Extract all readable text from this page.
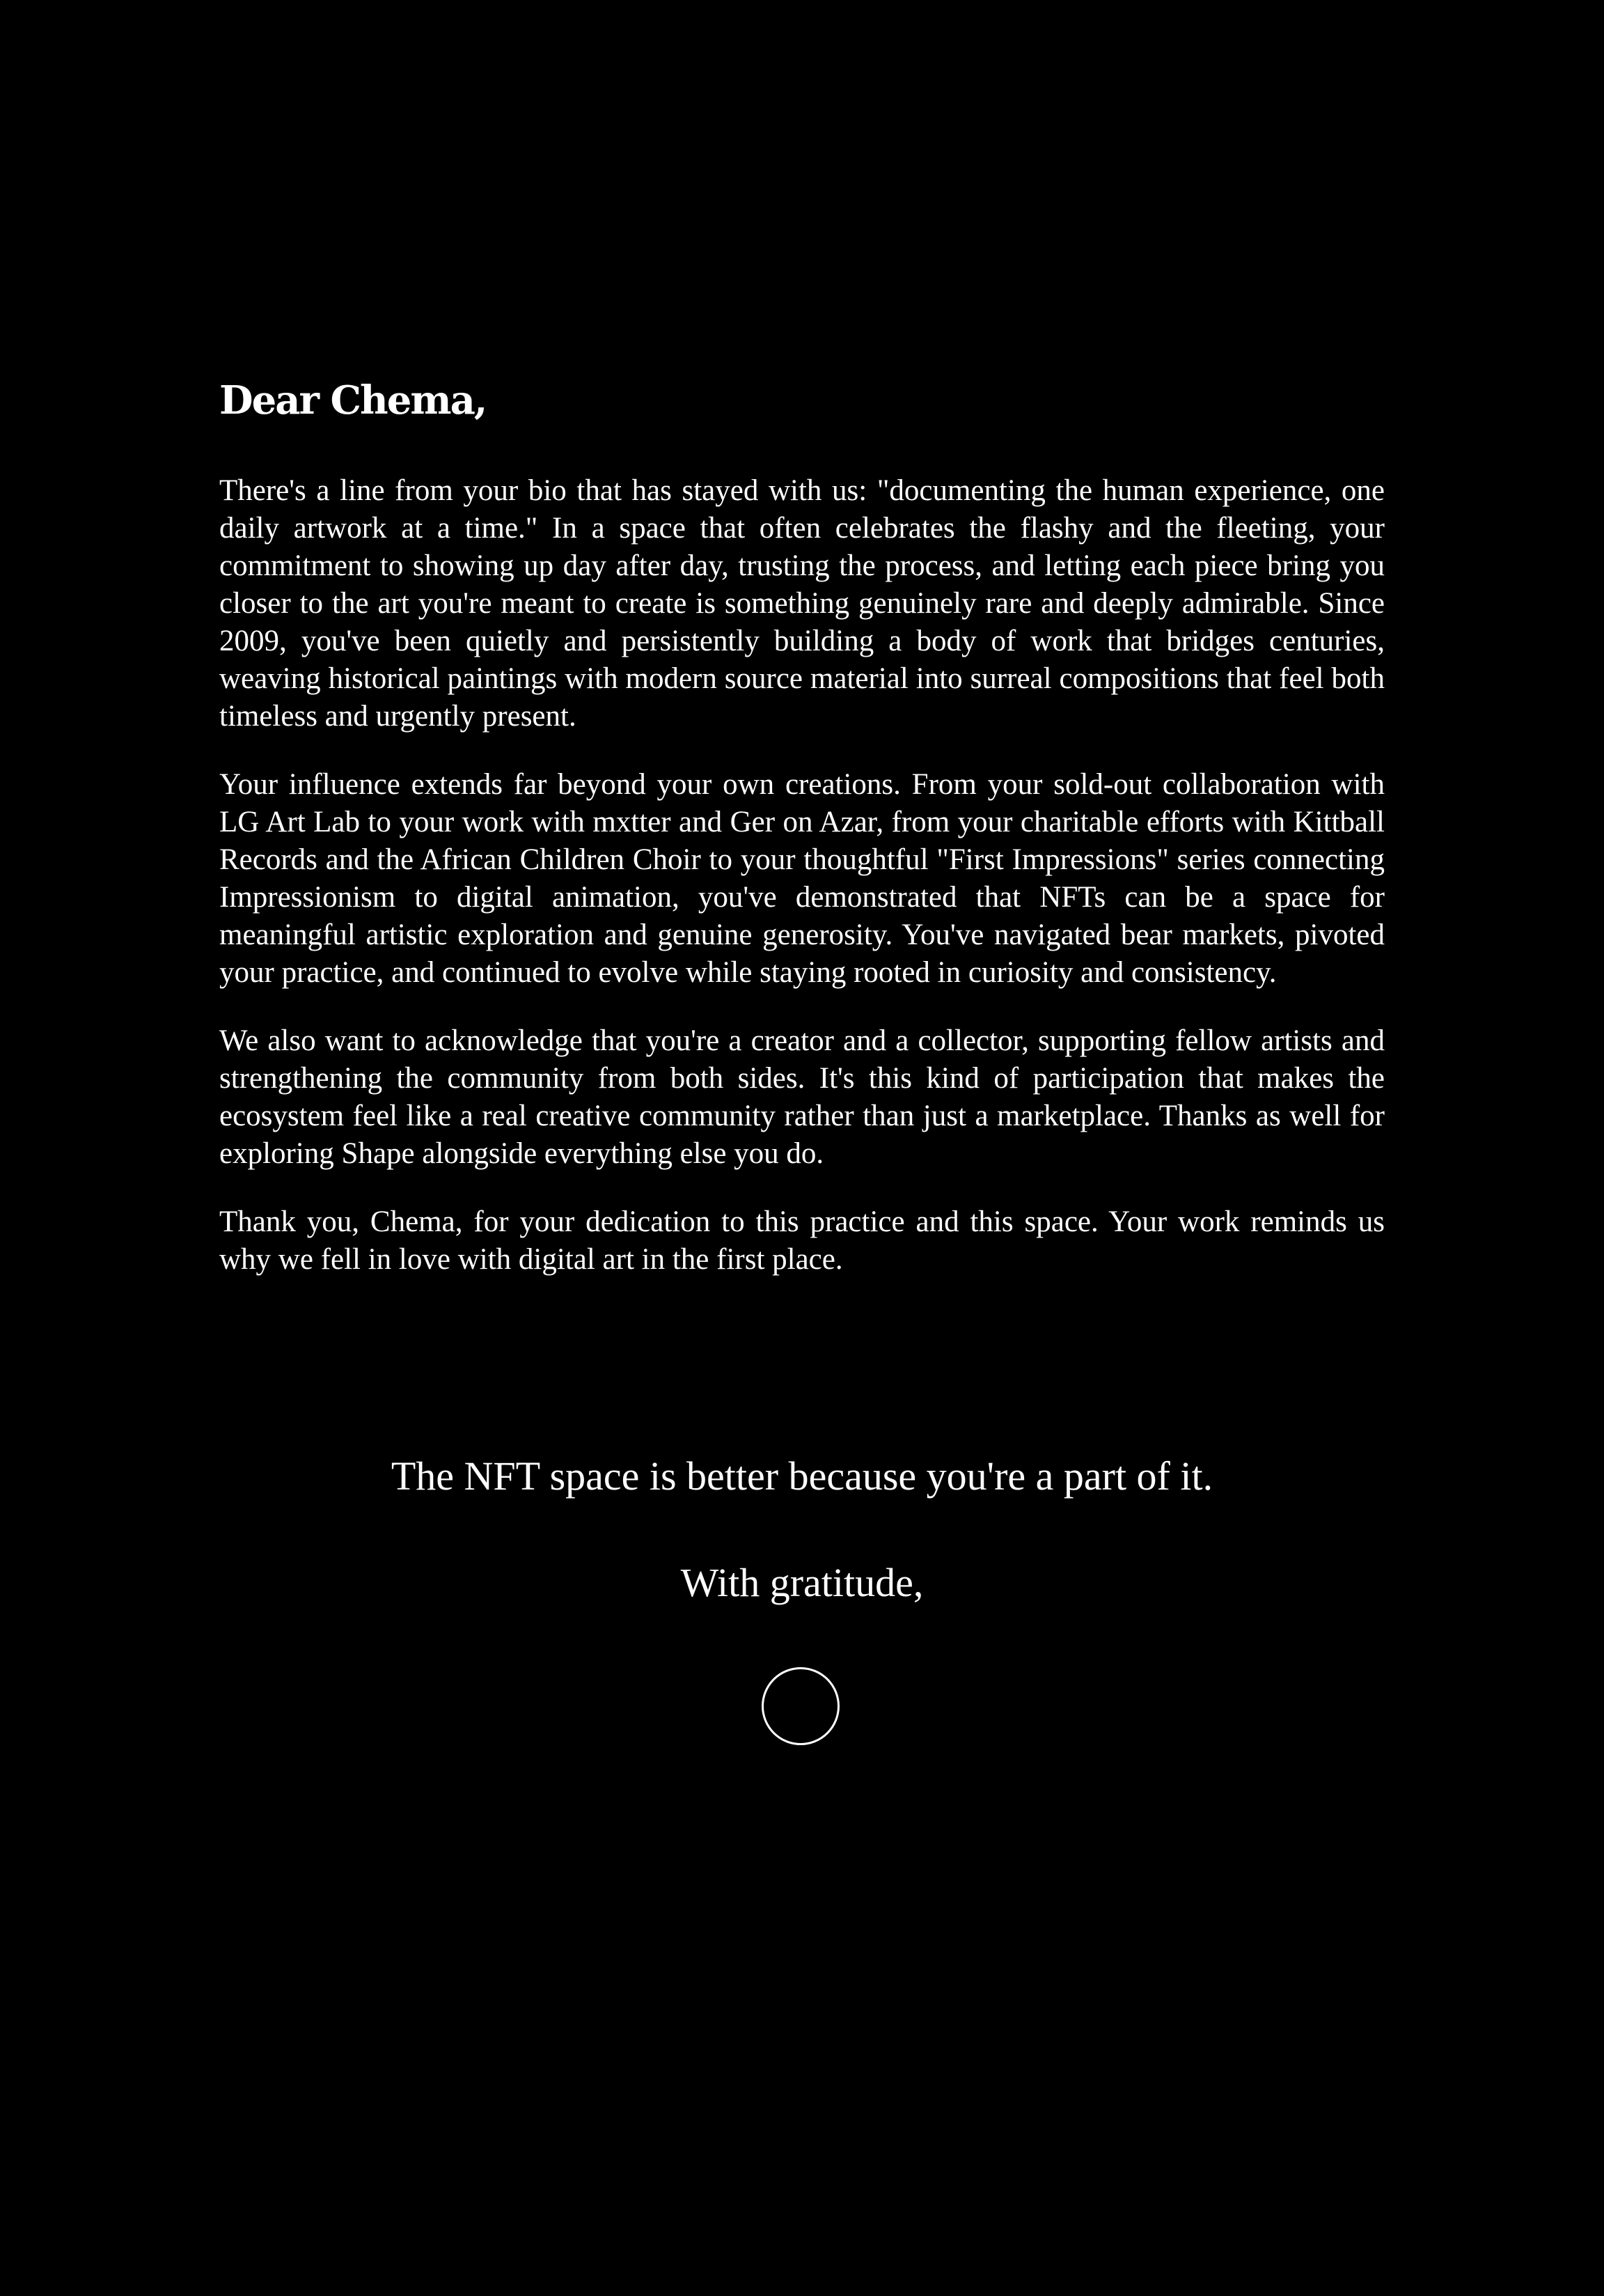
Dear Chema,

There's a line from your bio that has stayed with us: "documenting the human experience, one daily artwork at a time." In a space that often celebrates the flashy and the fleeting, your commitment to showing up day after day, trusting the process, and letting each piece bring you closer to the art you're meant to create is something genuinely rare and deeply admirable. Since 2009, you've been quietly and persistently building a body of work that bridges centuries, weaving historical paintings with modern source material into surreal compositions that feel both timeless and urgently present.

Your influence extends far beyond your own creations. From your sold-out collaboration with LG Art Lab to your work with mxtter and Ger on Azar, from your charitable efforts with Kittball Records and the African Children Choir to your thoughtful "First Impressions" series connecting Impressionism to digital animation, you've demonstrated that NFTs can be a space for meaningful artistic exploration and genuine generosity. You've navigated bear markets, pivoted your practice, and continued to evolve while staying rooted in curiosity and consistency.

We also want to acknowledge that you're a creator and a collector, supporting fellow artists and strengthening the community from both sides. It's this kind of participation that makes the ecosystem feel like a real creative community rather than just a marketplace. Thanks as well for exploring Shape alongside everything else you do.

Thank you, Chema, for your dedication to this practice and this space. Your work reminds us why we fell in love with digital art in the first place.

The NFT space is better because you're a part of it.
With gratitude,
